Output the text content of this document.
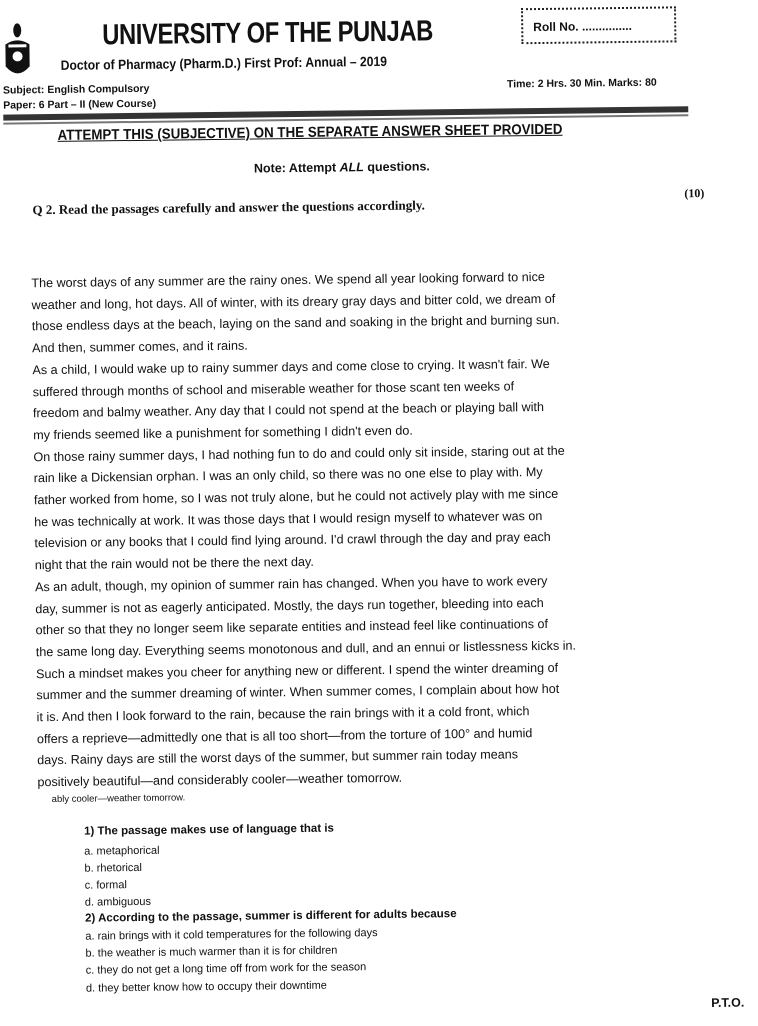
UNIVERSITY OF THE PUNJAB
Doctor of Pharmacy (Pharm.D.) First Prof: Annual – 2019
Roll No. ...............
Subject: English Compulsory
Paper: 6 Part – II (New Course)
Time: 2 Hrs. 30 Min. Marks: 80
ATTEMPT THIS (SUBJECTIVE) ON THE SEPARATE ANSWER SHEET PROVIDED
Note: Attempt ALL questions.
Q 2. Read the passages carefully and answer the questions accordingly.
(10)
The worst days of any summer are the rainy ones. We spend all year looking forward to nice
weather and long, hot days. All of winter, with its dreary gray days and bitter cold, we dream of
those endless days at the beach, laying on the sand and soaking in the bright and burning sun.
And then, summer comes, and it rains.
As a child, I would wake up to rainy summer days and come close to crying. It wasn't fair. We
suffered through months of school and miserable weather for those scant ten weeks of
freedom and balmy weather. Any day that I could not spend at the beach or playing ball with
my friends seemed like a punishment for something I didn't even do.
On those rainy summer days, I had nothing fun to do and could only sit inside, staring out at the
rain like a Dickensian orphan. I was an only child, so there was no one else to play with. My
father worked from home, so I was not truly alone, but he could not actively play with me since
he was technically at work. It was those days that I would resign myself to whatever was on
television or any books that I could find lying around. I'd crawl through the day and pray each
night that the rain would not be there the next day.
As an adult, though, my opinion of summer rain has changed. When you have to work every
day, summer is not as eagerly anticipated. Mostly, the days run together, bleeding into each
other so that they no longer seem like separate entities and instead feel like continuations of
the same long day. Everything seems monotonous and dull, and an ennui or listlessness kicks in.
Such a mindset makes you cheer for anything new or different. I spend the winter dreaming of
summer and the summer dreaming of winter. When summer comes, I complain about how hot
it is. And then I look forward to the rain, because the rain brings with it a cold front, which
offers a reprieve—admittedly one that is all too short—from the torture of 100° and humid
days. Rainy days are still the worst days of the summer, but summer rain today means
positively beautiful—and considerably cooler—weather tomorrow.
ably cooler—weather tomorrow.
1) The passage makes use of language that is
a. metaphorical
b. rhetorical
c. formal
d. ambiguous
2) According to the passage, summer is different for adults because
a. rain brings with it cold temperatures for the following days
b. the weather is much warmer than it is for children
c. they do not get a long time off from work for the season
d. they better know how to occupy their downtime
P.T.O.
